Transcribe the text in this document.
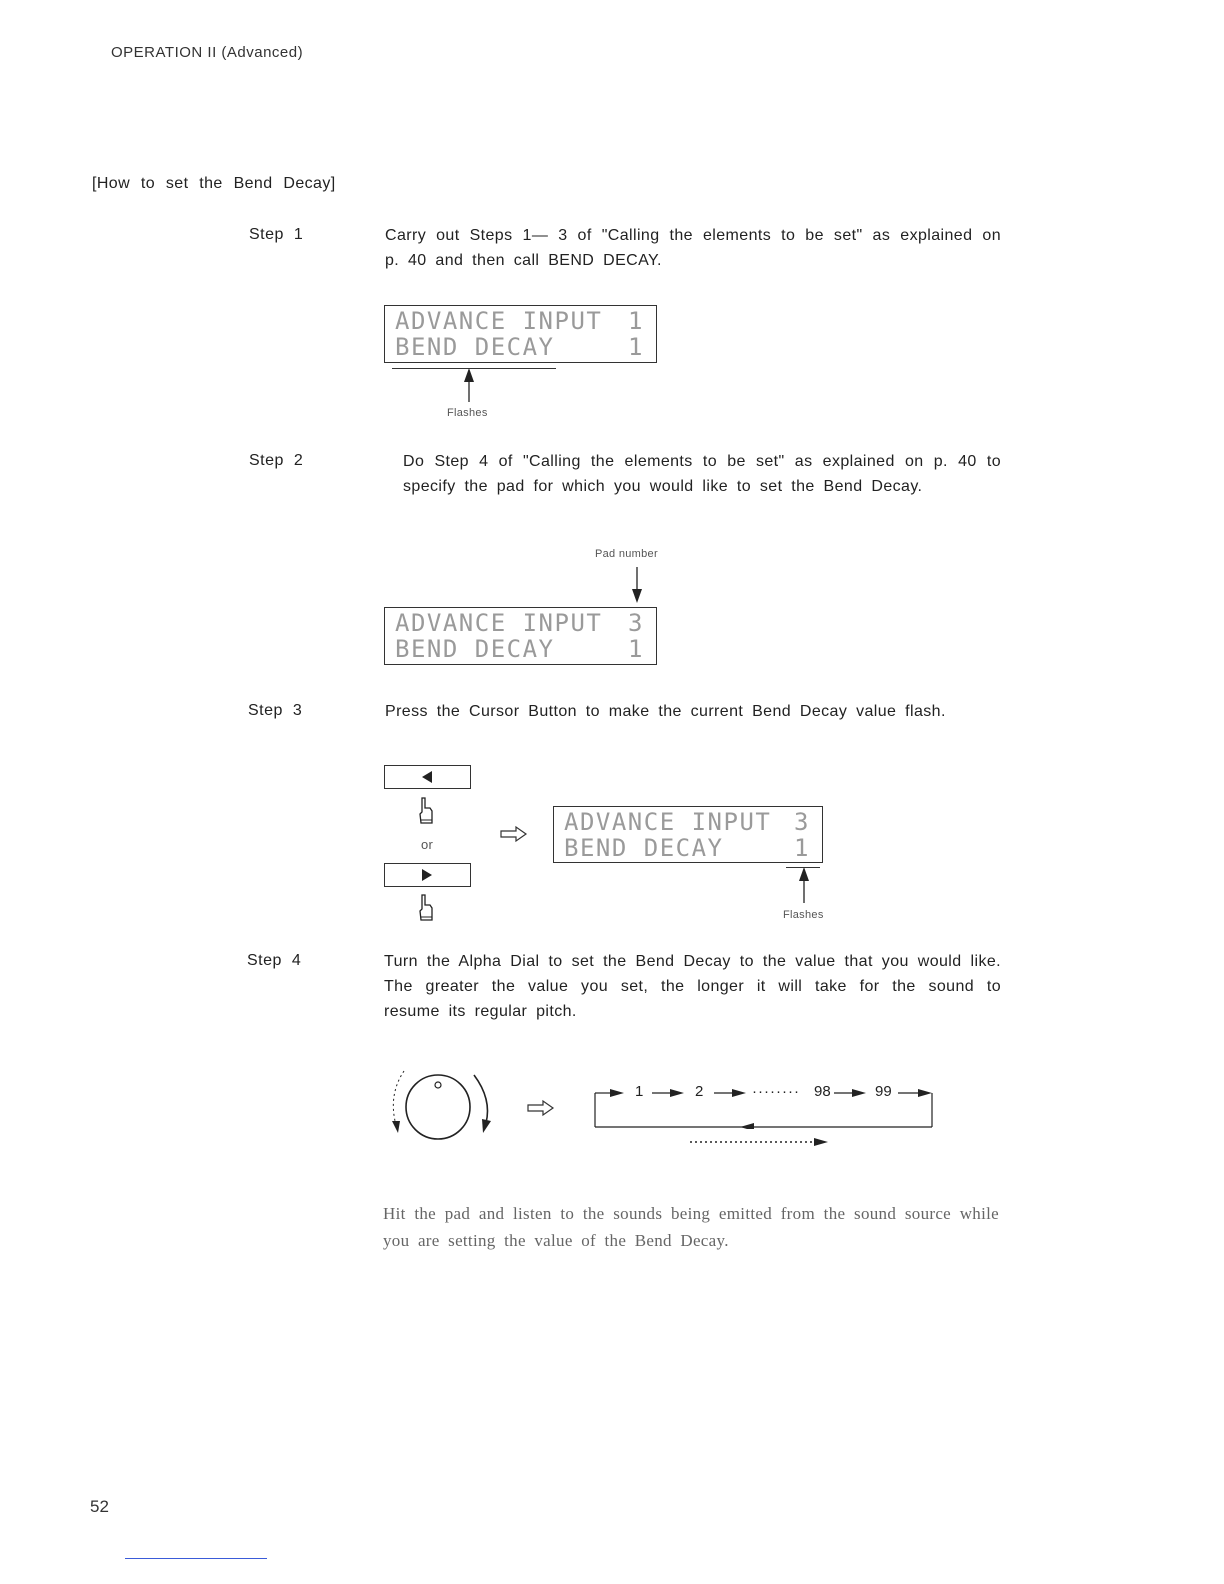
OPERATION II (Advanced)
[How to set the Bend Decay]
Step 1	Carry out Steps 1— 3 of "Calling the elements to be set" as explained on p. 40 and then call BEND DECAY.
ADVANCE INPUT 1
BEND DECAY	1
Flashes
Step 2	Do Step 4 of "Calling the elements to be set" as explained on p. 40 to specify the pad for which you would like to set the Bend Decay.
Pad number
ADVANCE INPUT 3
BEND DECAY	1
Step 3	Press the Cursor Button to make the current Bend Decay value flash.
or
ADVANCE INPUT 3
BEND DECAY	1
Flashes
Step 4	Turn the Alpha Dial to set the Bend Decay to the value that you would like. The greater the value you set, the longer it will take for the sound to resume its regular pitch.
1	2	········ 98	99
Hit the pad and listen to the sounds being emitted from the sound source while you are setting the value of the Bend Decay.
52
